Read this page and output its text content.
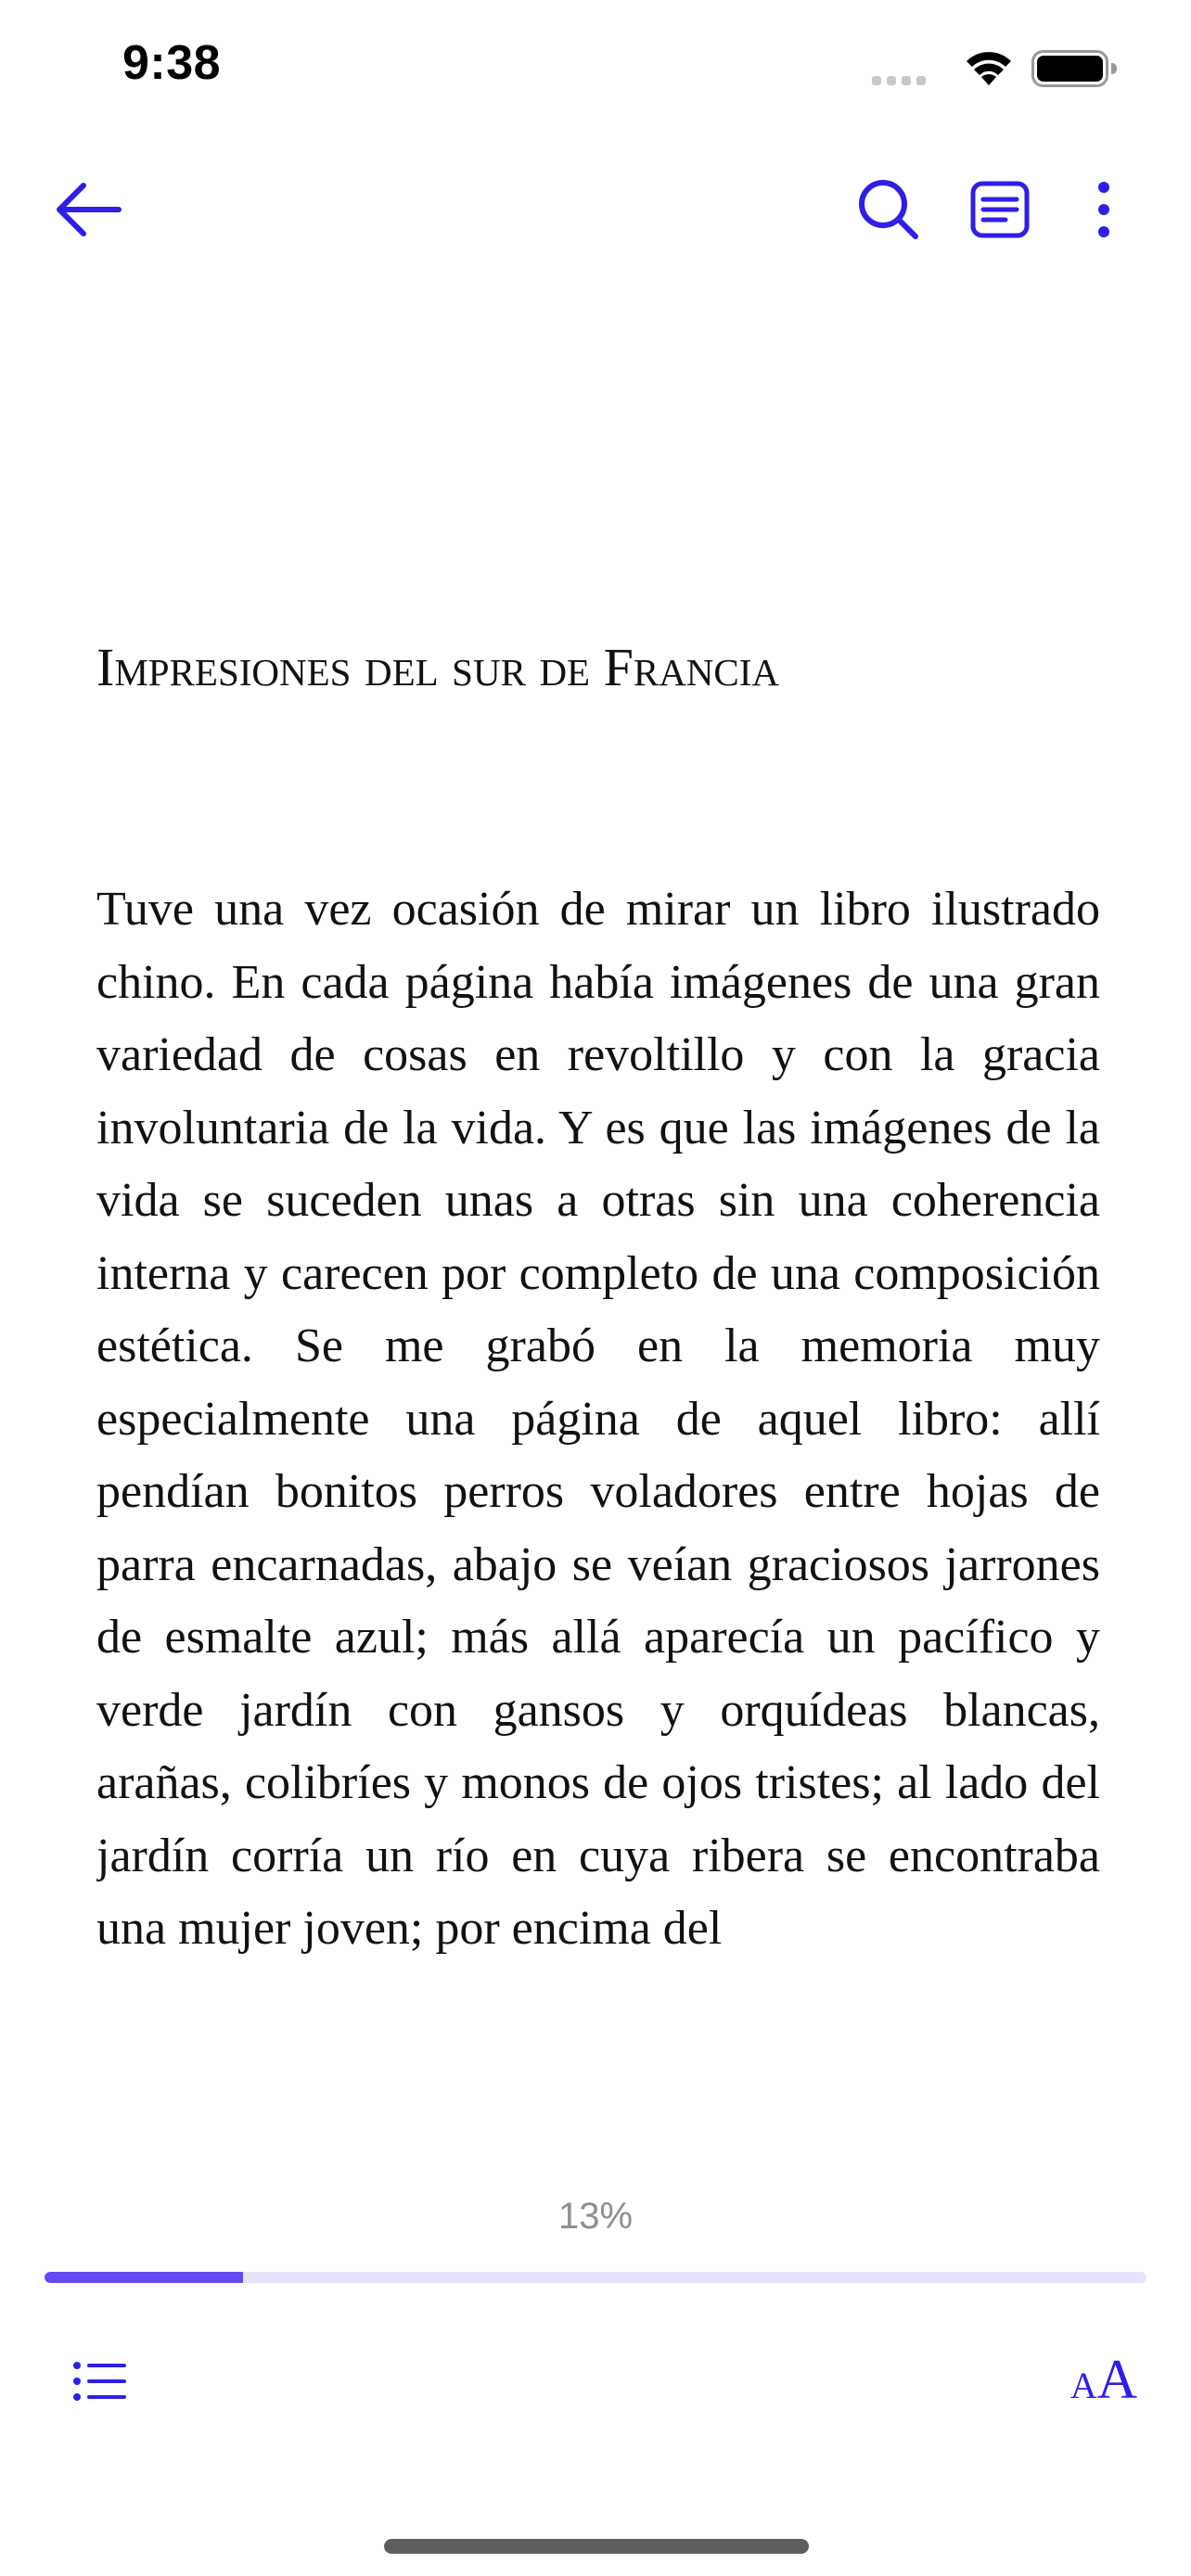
9:38
Impresiones del sur de Francia

Tuve una vez ocasión de mirar un libro ilustrado chino. En cada página había imágenes de una gran variedad de cosas en revoltillo y con la gracia involuntaria de la vida. Y es que las imágenes de la vida se suceden unas a otras sin una coherencia interna y carecen por completo de una composición estética. Se me grabó en la memoria muy especialmente una página de aquel libro: allí pendían bonitos perros voladores entre hojas de parra encarnadas, abajo se veían graciosos jarrones de esmalte azul; más allá aparecía un pacífico y verde jardín con gansos y orquídeas blancas, arañas, colibríes y monos de ojos tristes; al lado del jardín corría un río en cuya ribera se encontraba una mujer joven; por encima del

13%
A A
